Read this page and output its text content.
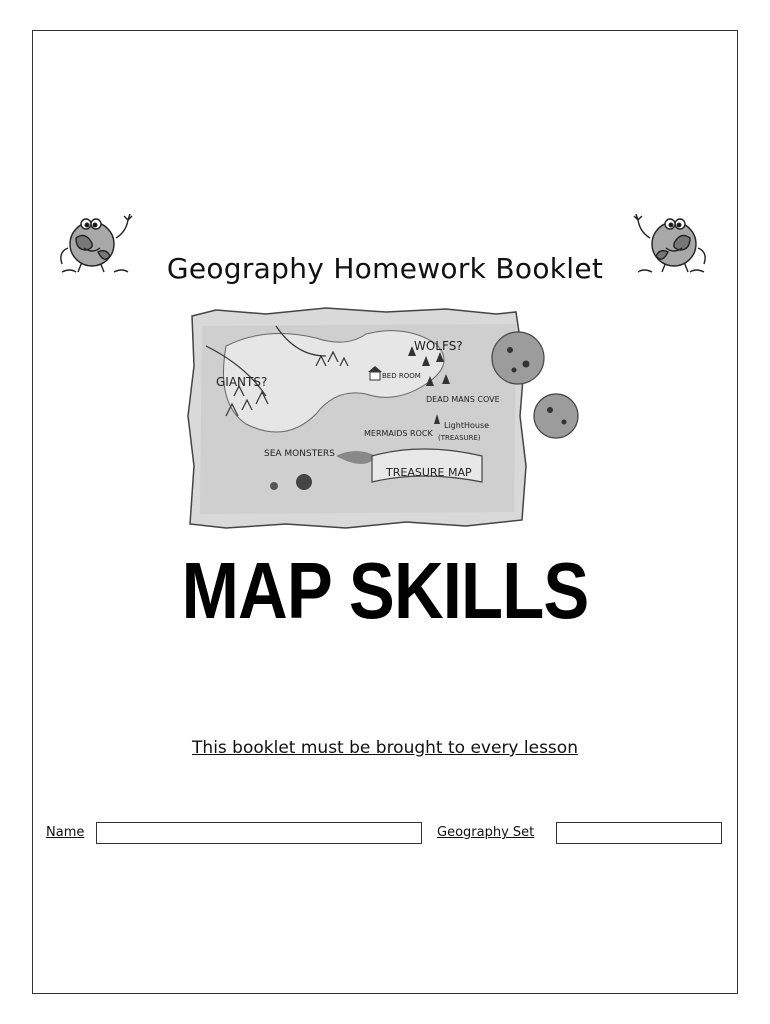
Geography Homework Booklet
GIANTS?
WOLFS?
BED ROOM
DEAD MANS COVE
SEA MONSTERS
MERMAIDS ROCK
LightHouse
(TREASURE)
TREASURE MAP
MAP SKILLS
This booklet must be brought to every lesson
Name	Geography Set
